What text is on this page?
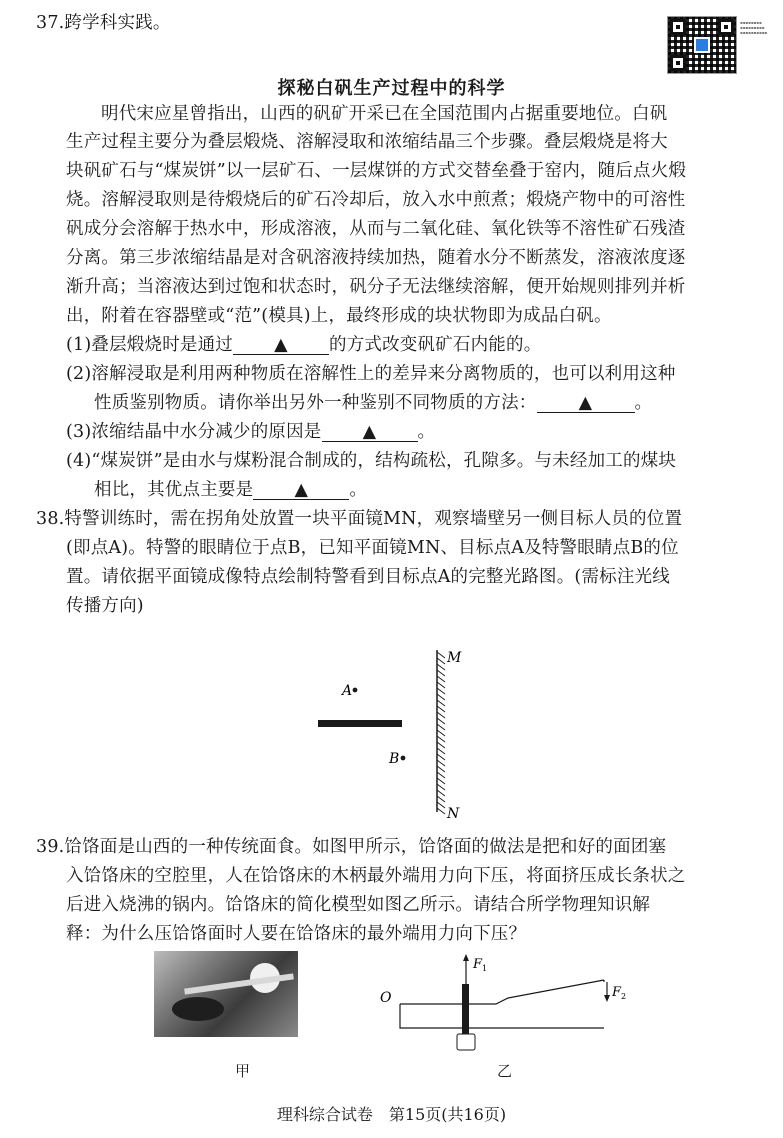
▪▪▪▪▪▪▪▪
▪▪▪▪▪▪▪▪▪
▪▪▪▪▪▪▪▪▪▪
37.跨学科实践。
探秘白矾生产过程中的科学
明代宋应星曾指出，山西的矾矿开采已在全国范围内占据重要地位。白矾
生产过程主要分为叠层煅烧、溶解浸取和浓缩结晶三个步骤。叠层煅烧是将大
块矾矿石与“煤炭饼”以一层矿石、一层煤饼的方式交替垒叠于窑内，随后点火煅
烧。溶解浸取则是待煅烧后的矿石冷却后，放入水中煎煮；煅烧产物中的可溶性
矾成分会溶解于热水中，形成溶液，从而与二氧化硅、氧化铁等不溶性矿石残渣
分离。第三步浓缩结晶是对含矾溶液持续加热，随着水分不断蒸发，溶液浓度逐
渐升高；当溶液达到过饱和状态时，矾分子无法继续溶解，便开始规则排列并析
出，附着在容器壁或“范”(模具)上，最终形成的块状物即为成品白矾。
(1)叠层煅烧时是通过 ▲ 的方式改变矾矿石内能的。
(2)溶解浸取是利用两种物质在溶解性上的差异来分离物质的，也可以利用这种
性质鉴别物质。请你举出另外一种鉴别不同物质的方法： ▲ 。
(3)浓缩结晶中水分减少的原因是 ▲ 。
(4)“煤炭饼”是由水与煤粉混合制成的，结构疏松，孔隙多。与未经加工的煤块
相比，其优点主要是 ▲ 。
38.特警训练时，需在拐角处放置一块平面镜MN，观察墙壁另一侧目标人员的位置
(即点A)。特警的眼睛位于点B，已知平面镜MN、目标点A及特警眼睛点B的位
置。请依据平面镜成像特点绘制特警看到目标点A的完整光路图。(需标注光线
传播方向)
A
B
M
N
39.饸饹面是山西的一种传统面食。如图甲所示，饸饹面的做法是把和好的面团塞
入饸饹床的空腔里，人在饸饹床的木柄最外端用力向下压，将面挤压成长条状之
后进入烧沸的锅内。饸饹床的简化模型如图乙所示。请结合所学物理知识解
释：为什么压饸饹面时人要在饸饹床的最外端用力向下压？
甲
O
F 1
F 2
乙
理科综合试卷　第15页(共16页)
